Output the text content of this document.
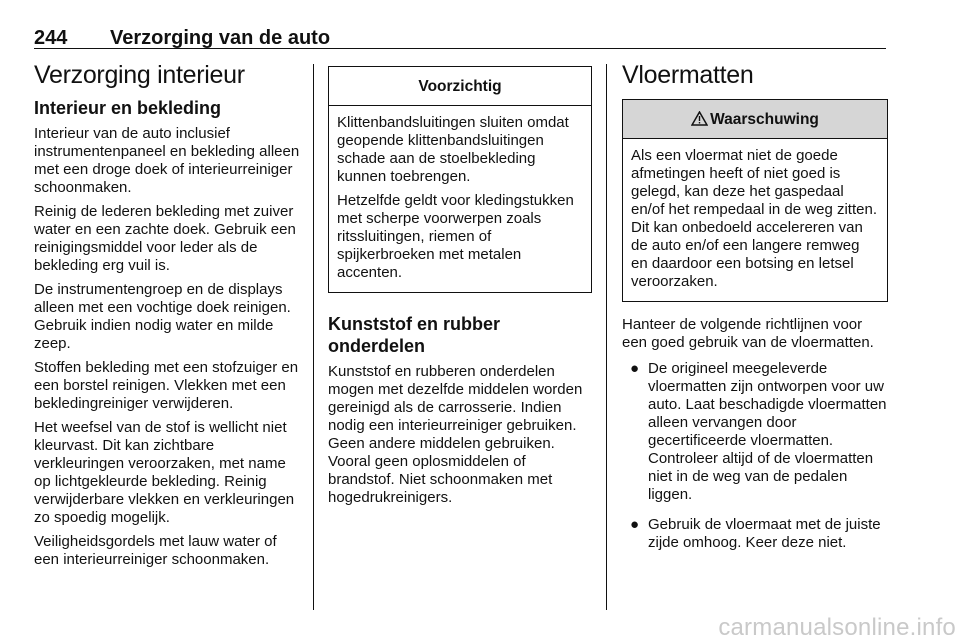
244 Verzorging van de auto
Verzorging interieur
Interieur en bekleding

Interieur van de auto inclusief instrumentenpaneel en bekleding alleen met een droge doek of interieurreiniger schoonmaken.

Reinig de lederen bekleding met zuiver water en een zachte doek. Gebruik een reinigingsmiddel voor leder als de bekleding erg vuil is.

De instrumentengroep en de displays alleen met een vochtige doek reinigen. Gebruik indien nodig water en milde zeep.

Stoffen bekleding met een stofzuiger en een borstel reinigen. Vlekken met een bekledingreiniger verwijderen.

Het weefsel van de stof is wellicht niet kleurvast. Dit kan zichtbare verkleuringen veroorzaken, met name op lichtgekleurde bekleding. Reinig verwijderbare vlekken en verkleuringen zo spoedig mogelijk.

Veiligheidsgordels met lauw water of een interieurreiniger schoonmaken.

Voorzichtig

Klittenbandsluitingen sluiten omdat geopende klittenbandsluitingen schade aan de stoelbekleding kunnen toebrengen.

Hetzelfde geldt voor kledingstukken met scherpe voorwerpen zoals ritssluitingen, riemen of spijkerbroeken met metalen accenten.

Kunststof en rubber onderdelen

Kunststof en rubberen onderdelen mogen met dezelfde middelen worden gereinigd als de carrosserie. Indien nodig een interieurreiniger gebruiken. Geen andere middelen gebruiken. Vooral geen oplosmiddelen of brandstof. Niet schoonmaken met hogedrukreinigers.

Vloermatten
Waarschuwing

Als een vloermat niet de goede afmetingen heeft of niet goed is gelegd, kan deze het gaspedaal en/of het rempedaal in de weg zitten. Dit kan onbedoeld accelereren van de auto en/of een langere remweg en daardoor een botsing en letsel veroorzaken.

Hanteer de volgende richtlijnen voor een goed gebruik van de vloermatten.

● De origineel meegeleverde vloermatten zijn ontworpen voor uw auto. Laat beschadigde vloermatten alleen vervangen door gecertificeerde vloermatten. Controleer altijd of de vloermatten niet in de weg van de pedalen liggen.
● Gebruik de vloermaat met de juiste zijde omhoog. Keer deze niet.
carmanualsonline.info
